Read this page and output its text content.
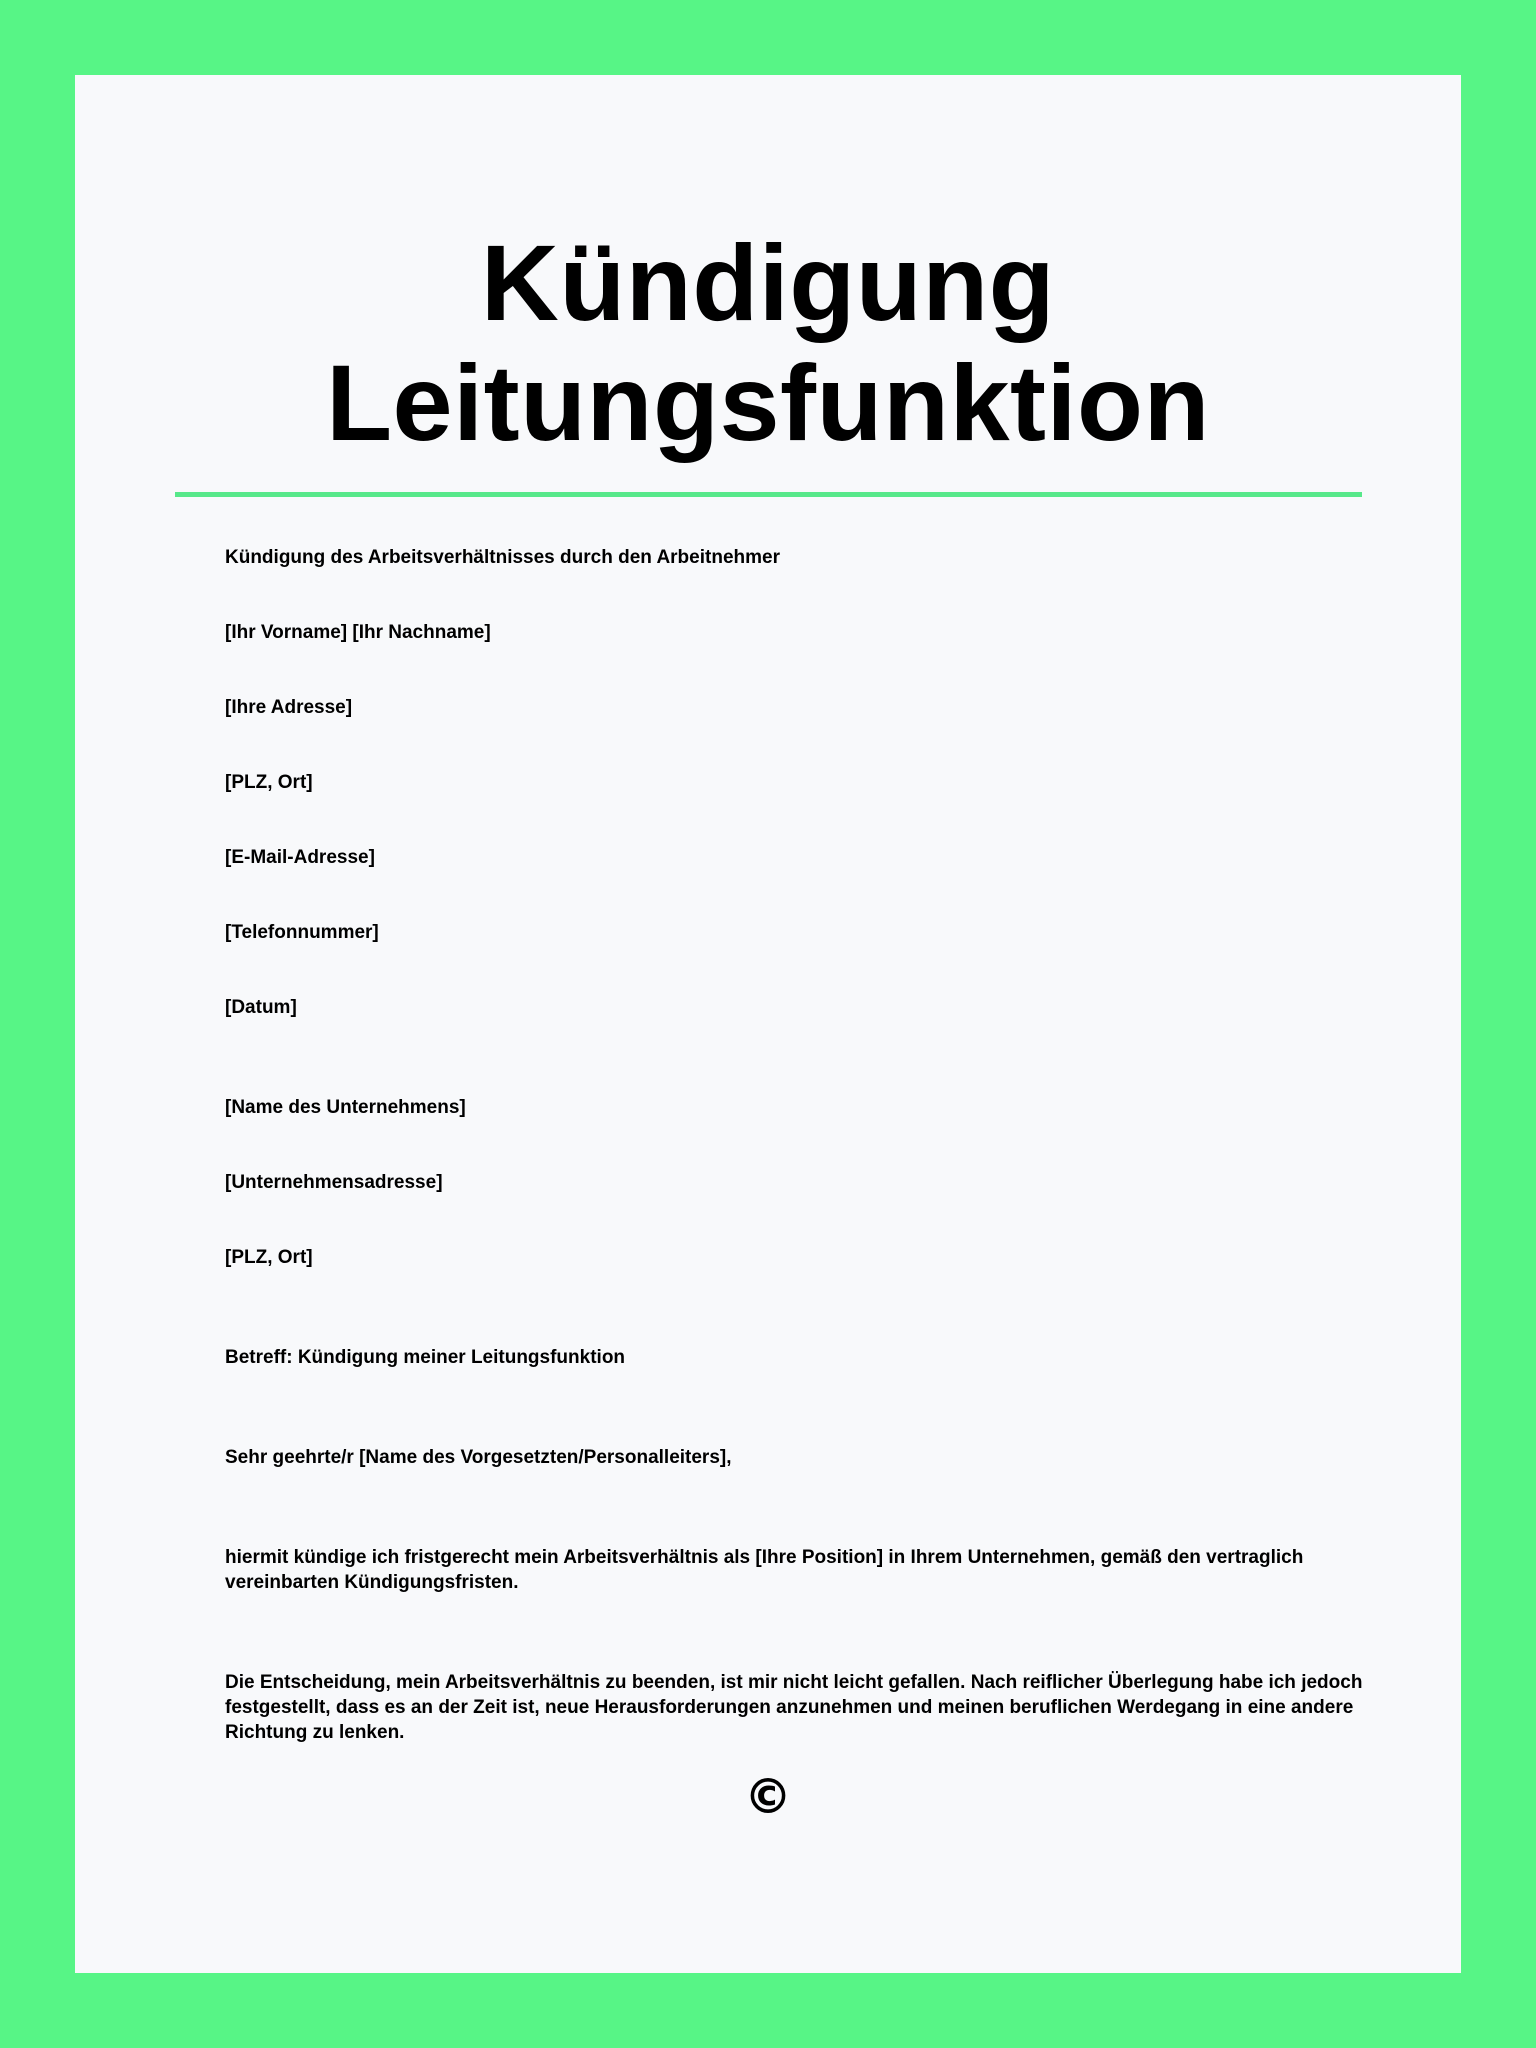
Kündigung
Leitungsfunktion
Kündigung des Arbeitsverhältnisses durch den Arbeitnehmer
[Ihr Vorname] [Ihr Nachname]
[Ihre Adresse]
[PLZ, Ort]
[E-Mail-Adresse]
[Telefonnummer]
[Datum]
[Name des Unternehmens]
[Unternehmensadresse]
[PLZ, Ort]
Betreff: Kündigung meiner Leitungsfunktion
Sehr geehrte/r [Name des Vorgesetzten/Personalleiters],
hiermit kündige ich fristgerecht mein Arbeitsverhältnis als [Ihre Position] in Ihrem Unternehmen, gemäß den vertraglich vereinbarten Kündigungsfristen.
Die Entscheidung, mein Arbeitsverhältnis zu beenden, ist mir nicht leicht gefallen. Nach reiflicher Überlegung habe ich jedoch festgestellt, dass es an der Zeit ist, neue Herausforderungen anzunehmen und meinen beruflichen Werdegang in eine andere Richtung zu lenken.
©
